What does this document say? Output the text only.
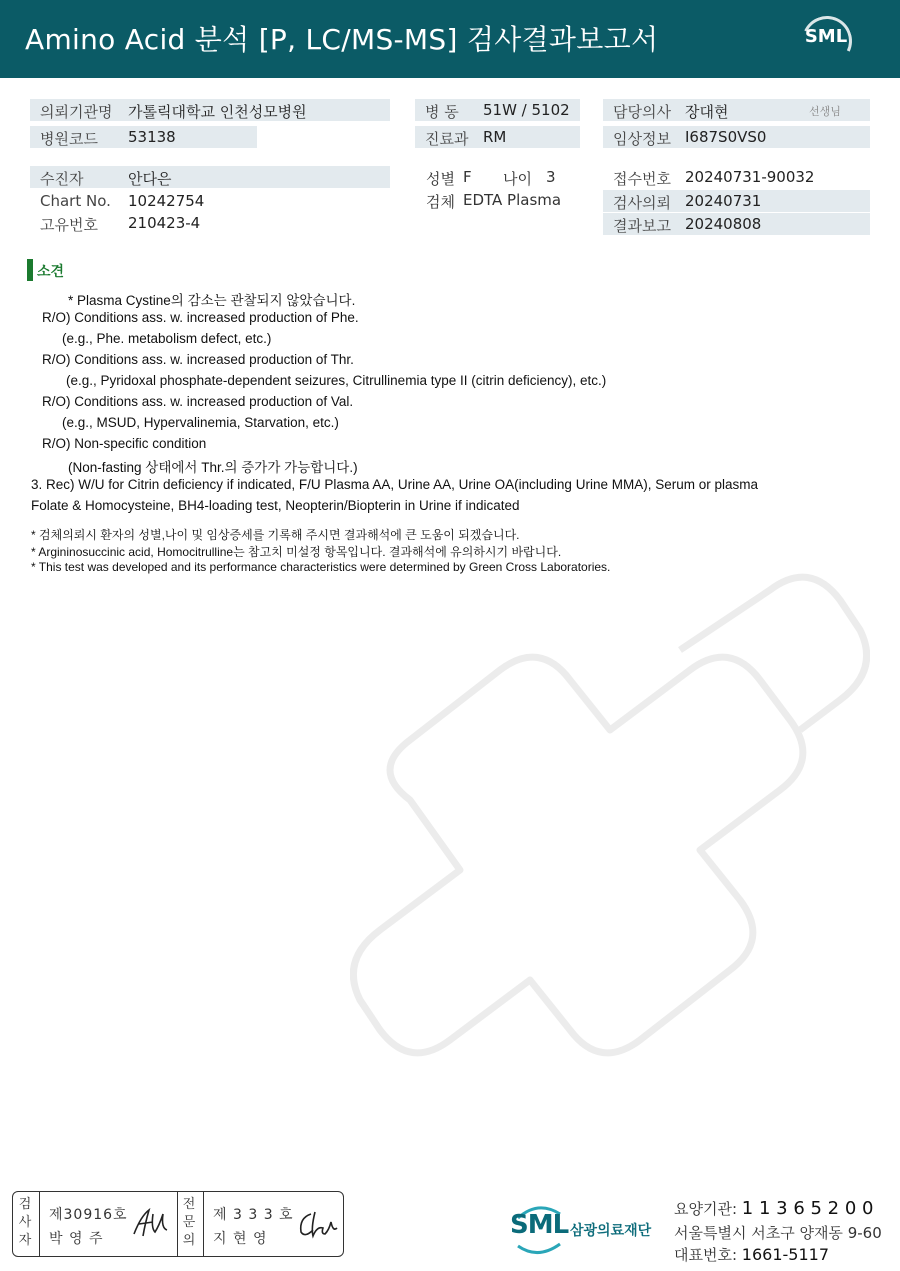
Amino Acid 분석 [P, LC/MS-MS] 검사결과보고서	SML
의뢰기관명 가톨릭대학교 인천성모병원	병 동 51W / 5102	담당의사 장대현	선생님
병원코드 53138	진료과 RM	임상정보 I687S0VS0
수진자	안다은
Chart No. 10242754
고유번호 210423-4
성별 F 나이 3
검체 EDTA Plasma
접수번호 20240731-90032
검사의뢰 20240731
결과보고 20240808
소견
* Plasma Cystine의 감소는 관찰되지 않았습니다.
R/O) Conditions ass. w. increased production of Phe.
(e.g., Phe. metabolism defect, etc.)
R/O) Conditions ass. w. increased production of Thr.
(e.g., Pyridoxal phosphate-dependent seizures, Citrullinemia type II (citrin deficiency), etc.)
R/O) Conditions ass. w. increased production of Val.
(e.g., MSUD, Hypervalinemia, Starvation, etc.)
R/O) Non-specific condition
(Non-fasting 상태에서 Thr.의 증가가 가능합니다.)
3. Rec) W/U for Citrin deficiency if indicated, F/U Plasma AA, Urine AA, Urine OA(including Urine MMA), Serum or plasma
Folate & Homocysteine, BH4-loading test, Neopterin/Biopterin in Urine if indicated
* 검체의뢰시 환자의 성별,나이 및 임상증세를 기록해 주시면 결과해석에 큰 도움이 되겠습니다.
* Argininosuccinic acid, Homocitrulline는 참고치 미설정 항목입니다. 결과해석에 유의하시기 바랍니다.
* This test was developed and its performance characteristics were determined by Green Cross Laboratories.
검
사
자
제30916호
박 영 주
전
문
의
제 3 3 3 호
지 현 영	SML 삼광의료재단
요양기관: 1 1 3 6 5 2 0 0
서울특별시 서초구 양재동 9-60
대표번호: 1661-5117
